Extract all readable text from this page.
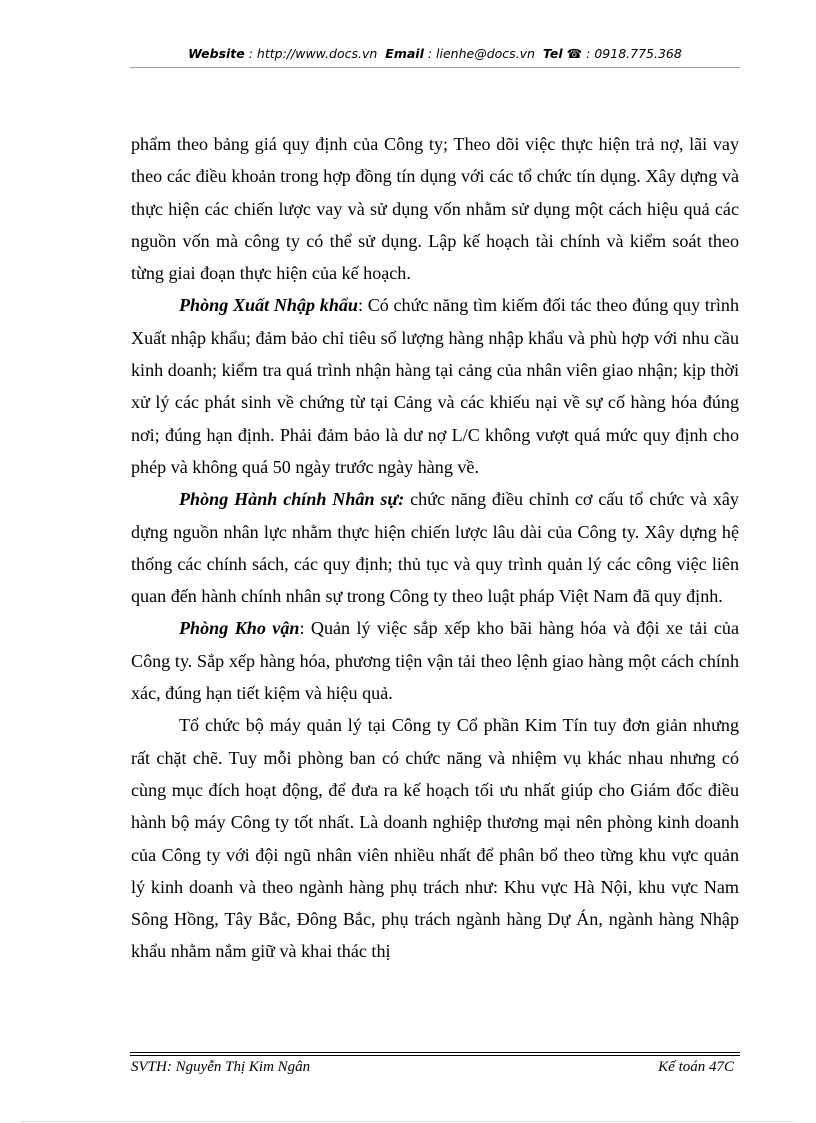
Website : http://www.docs.vn Email : lienhe@docs.vn Tel ☎ : 0918.775.368

phẩm theo bảng giá quy định của Công ty; Theo dõi việc thực hiện trả nợ, lãi vay theo các điều khoản trong hợp đồng tín dụng với các tổ chức tín dụng. Xây dựng và thực hiện các chiến lược vay và sử dụng vốn nhằm sử dụng một cách hiệu quả các nguồn vốn mà công ty có thể sử dụng. Lập kế hoạch tài chính và kiểm soát theo từng giai đoạn thực hiện của kế hoạch.

Phòng Xuất Nhập khẩu: Có chức năng tìm kiếm đối tác theo đúng quy trình Xuất nhập khẩu; đảm bảo chỉ tiêu số lượng hàng nhập khẩu và phù hợp với nhu cầu kinh doanh; kiểm tra quá trình nhận hàng tại cảng của nhân viên giao nhận; kịp thời xử lý các phát sinh về chứng từ tại Cảng và các khiếu nại về sự cố hàng hóa đúng nơi; đúng hạn định. Phải đảm bảo là dư nợ L/C không vượt quá mức quy định cho phép và không quá 50 ngày trước ngày hàng về.

Phòng Hành chính Nhân sự: chức năng điều chỉnh cơ cấu tổ chức và xây dựng nguồn nhân lực nhằm thực hiện chiến lược lâu dài của Công ty. Xây dựng hệ thống các chính sách, các quy định; thủ tục và quy trình quản lý các công việc liên quan đến hành chính nhân sự trong Công ty theo luật pháp Việt Nam đã quy định.

Phòng Kho vận: Quản lý việc sắp xếp kho bãi hàng hóa và đội xe tải của Công ty. Sắp xếp hàng hóa, phương tiện vận tải theo lệnh giao hàng một cách chính xác, đúng hạn tiết kiệm và hiệu quả.

Tổ chức bộ máy quản lý tại Công ty Cổ phần Kim Tín tuy đơn giản nhưng rất chặt chẽ. Tuy mỗi phòng ban có chức năng và nhiệm vụ khác nhau nhưng có cùng mục đích hoạt động, để đưa ra kế hoạch tối ưu nhất giúp cho Giám đốc điều hành bộ máy Công ty tốt nhất. Là doanh nghiệp thương mại nên phòng kinh doanh của Công ty với đội ngũ nhân viên nhiều nhất để phân bổ theo từng khu vực quản lý kinh doanh và theo ngành hàng phụ trách như: Khu vực Hà Nội, khu vực Nam Sông Hồng, Tây Bắc, Đông Bắc, phụ trách ngành hàng Dự Án, ngành hàng Nhập khẩu nhằm nắm giữ và khai thác thị

SVTH: Nguyễn Thị Kim Ngân	Kế toán 47C
